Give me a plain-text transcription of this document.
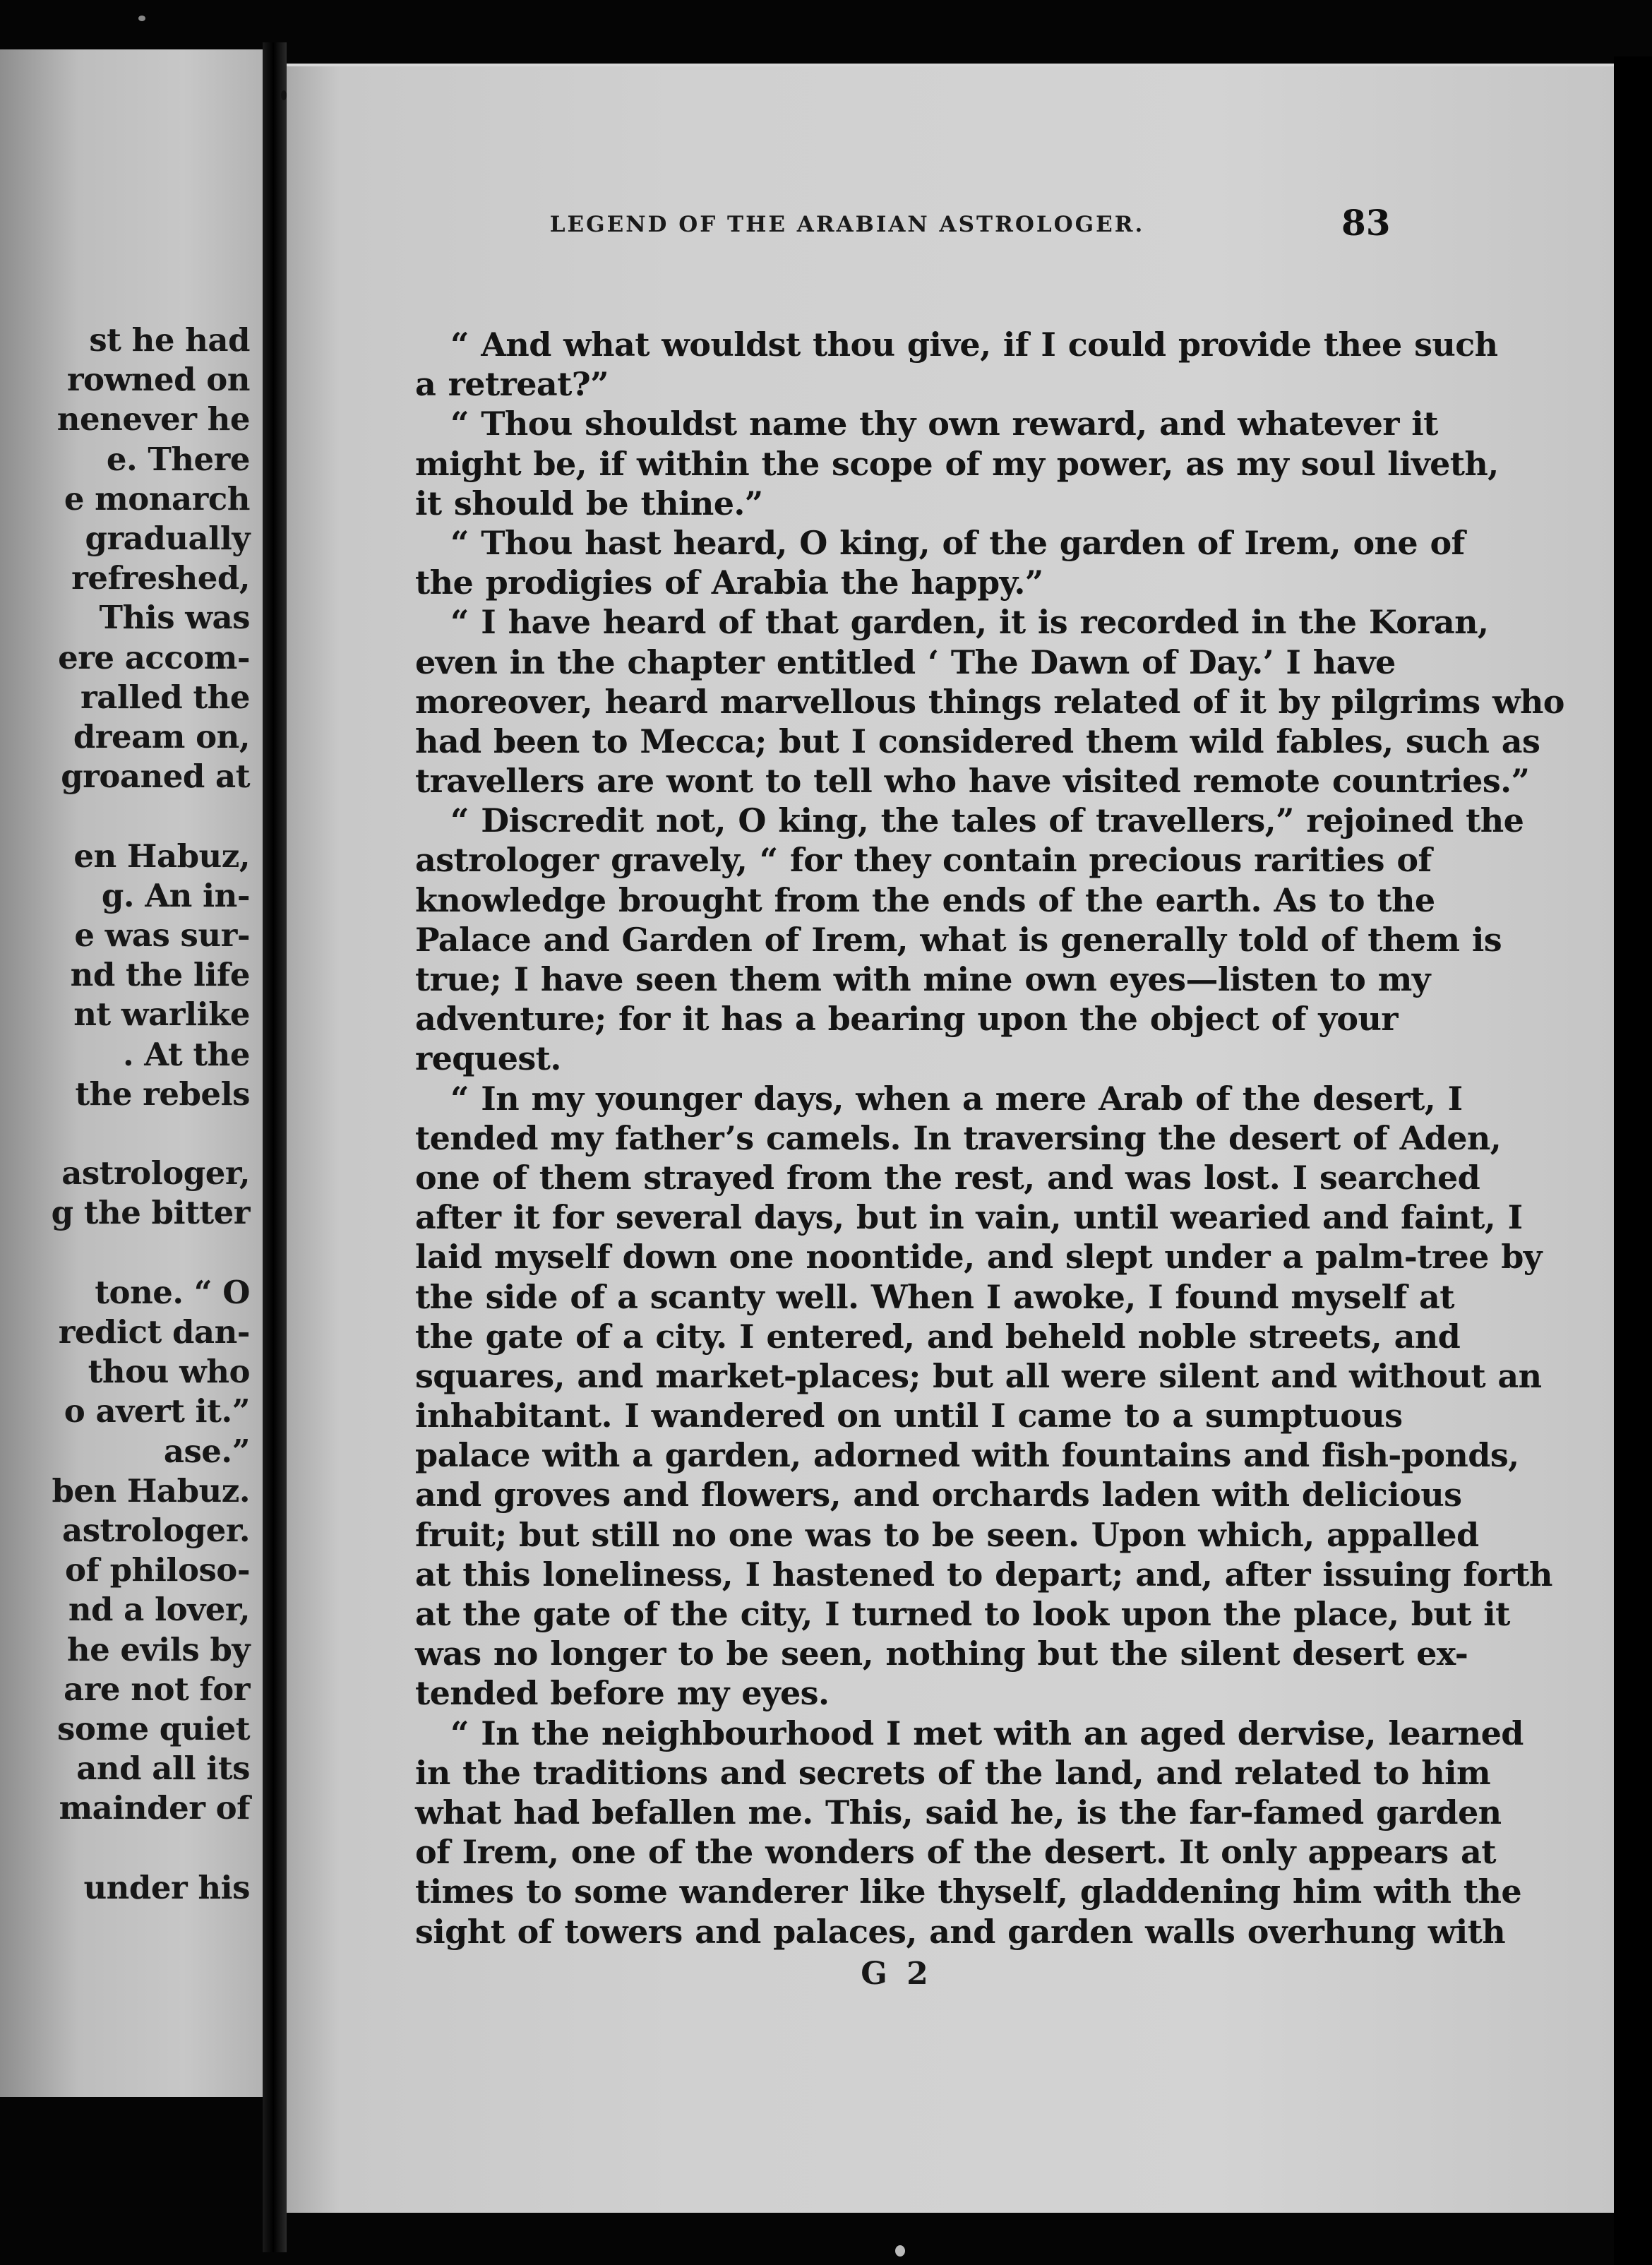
st he had
rowned on
nenever he
e. There
e monarch
gradually
refreshed,
This was
ere accom-
ralled the
dream on,
groaned at
en Habuz,
g. An in-
e was sur-
nd the life
nt warlike
. At the
the rebels
astrologer,
g the bitter
tone. “ O
redict dan-
thou who
o avert it.”
ase.”
ben Habuz.
astrologer.
of philoso-
nd a lover,
he evils by
are not for
some quiet
and all its
mainder of
under his
LEGEND OF THE ARABIAN ASTROLOGER.	83
“ And what wouldst thou give, if I could provide thee such
a retreat?”
“ Thou shouldst name thy own reward, and whatever it
might be, if within the scope of my power, as my soul liveth,
it should be thine.”
“ Thou hast heard, O king, of the garden of Irem, one of
the prodigies of Arabia the happy.”
“ I have heard of that garden, it is recorded in the Koran,
even in the chapter entitled ‘ The Dawn of Day.’ I have
moreover, heard marvellous things related of it by pilgrims who
had been to Mecca; but I considered them wild fables, such as
travellers are wont to tell who have visited remote countries.”
“ Discredit not, O king, the tales of travellers,” rejoined the
astrologer gravely, “ for they contain precious rarities of
knowledge brought from the ends of the earth. As to the
Palace and Garden of Irem, what is generally told of them is
true; I have seen them with mine own eyes—listen to my
adventure; for it has a bearing upon the object of your
request.
“ In my younger days, when a mere Arab of the desert, I
tended my father’s camels. In traversing the desert of Aden,
one of them strayed from the rest, and was lost. I searched
after it for several days, but in vain, until wearied and faint, I
laid myself down one noontide, and slept under a palm-tree by
the side of a scanty well. When I awoke, I found myself at
the gate of a city. I entered, and beheld noble streets, and
squares, and market-places; but all were silent and without an
inhabitant. I wandered on until I came to a sumptuous
palace with a garden, adorned with fountains and fish-ponds,
and groves and flowers, and orchards laden with delicious
fruit; but still no one was to be seen. Upon which, appalled
at this loneliness, I hastened to depart; and, after issuing forth
at the gate of the city, I turned to look upon the place, but it
was no longer to be seen, nothing but the silent desert ex-
tended before my eyes.
“ In the neighbourhood I met with an aged dervise, learned
in the traditions and secrets of the land, and related to him
what had befallen me. This, said he, is the far-famed garden
of Irem, one of the wonders of the desert. It only appears at
times to some wanderer like thyself, gladdening him with the
sight of towers and palaces, and garden walls overhung with
G 2
